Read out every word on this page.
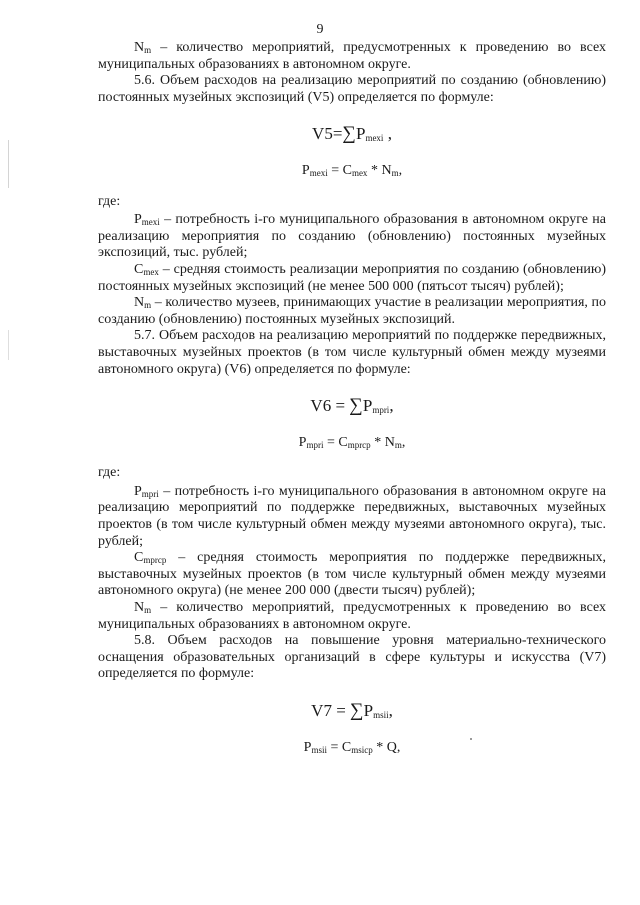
9

$N_m$ – количество мероприятий, предусмотренных к проведению во всех муниципальных образованиях в автономном округе.

5.6. Объем расходов на реализацию мероприятий по созданию (обновлению) постоянных музейных экспозиций (V5) определяется по формуле:

$V5=\sum P_{mexi}$ ,

$P_{mexi} = C_{mex} * N_m$,

где:

$P_{mexi}$ – потребность i-го муниципального образования в автономном округе на реализацию мероприятия по созданию (обновлению) постоянных музейных экспозиций, тыс. рублей;

$C_{mex}$ – средняя стоимость реализации мероприятия по созданию (обновлению) постоянных музейных экспозиций (не менее 500 000 (пятьсот тысяч) рублей);

$N_m$ – количество музеев, принимающих участие в реализации мероприятия, по созданию (обновлению) постоянных музейных экспозиций.

5.7. Объем расходов на реализацию мероприятий по поддержке передвижных, выставочных музейных проектов (в том числе культурный обмен между музеями автономного округа) (V6) определяется по формуле:

$V6 = \sum P_{mpri}$,

$P_{mpri} = C_{mprcp} * N_m$,

где:

$P_{mpri}$ – потребность i-го муниципального образования в автономном округе на реализацию мероприятий по поддержке передвижных, выставочных музейных проектов (в том числе культурный обмен между музеями автономного округа), тыс. рублей;

$C_{mprcp}$ – средняя стоимость мероприятия по поддержке передвижных, выставочных музейных проектов (в том числе культурный обмен между музеями автономного округа) (не менее 200 000 (двести тысяч) рублей);

$N_m$ – количество мероприятий, предусмотренных к проведению во всех муниципальных образованиях в автономном округе.

5.8. Объем расходов на повышение уровня материально-технического оснащения образовательных организаций в сфере культуры и искусства (V7) определяется по формуле:

$V7 = \sum P_{msii}$,

$P_{msii} = C_{msicp} * Q$,
